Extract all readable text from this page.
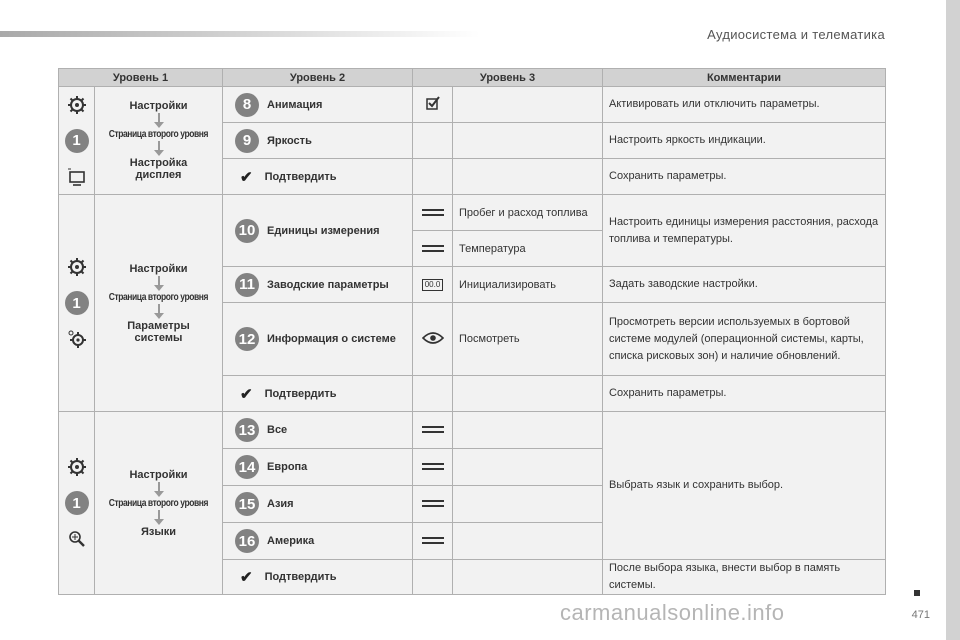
Аудиосистема и телематика
471
carmanualsonline.info
Уровень 1		Уровень 2	Уровень 3		Комментарии

1	Настройки
Страница второго уровня
Настройка дисплея	8 Анимация			Активировать или отключить параметры.

9 Яркость			Настроить яркость индикации.

		✔ Подтвердить			Сохранить параметры.

1	Настройки
Страница второго уровня
Параметры системы	10 Единицы измерения		Пробег и расход топлива	Настроить единицы измерения расстояния, расхода топлива и температуры.
				Температура	

11 Заводские параметры	00.0	Инициализировать	Задать заводские настройки.

12 Информация о системе		Посмотреть	Просмотреть версии используемых в бортовой системе модулей (операционной системы, карты, списка рисковых зон) и наличие обновлений.

		✔ Подтвердить			Сохранить параметры.

1	Настройки
Страница второго уровня
Языки	13 Все			Выбрать язык и сохранить выбор.

14 Европа			

15 Азия			

16 Америка			

		✔ Подтвердить			После выбора языка, внести выбор в память системы.
